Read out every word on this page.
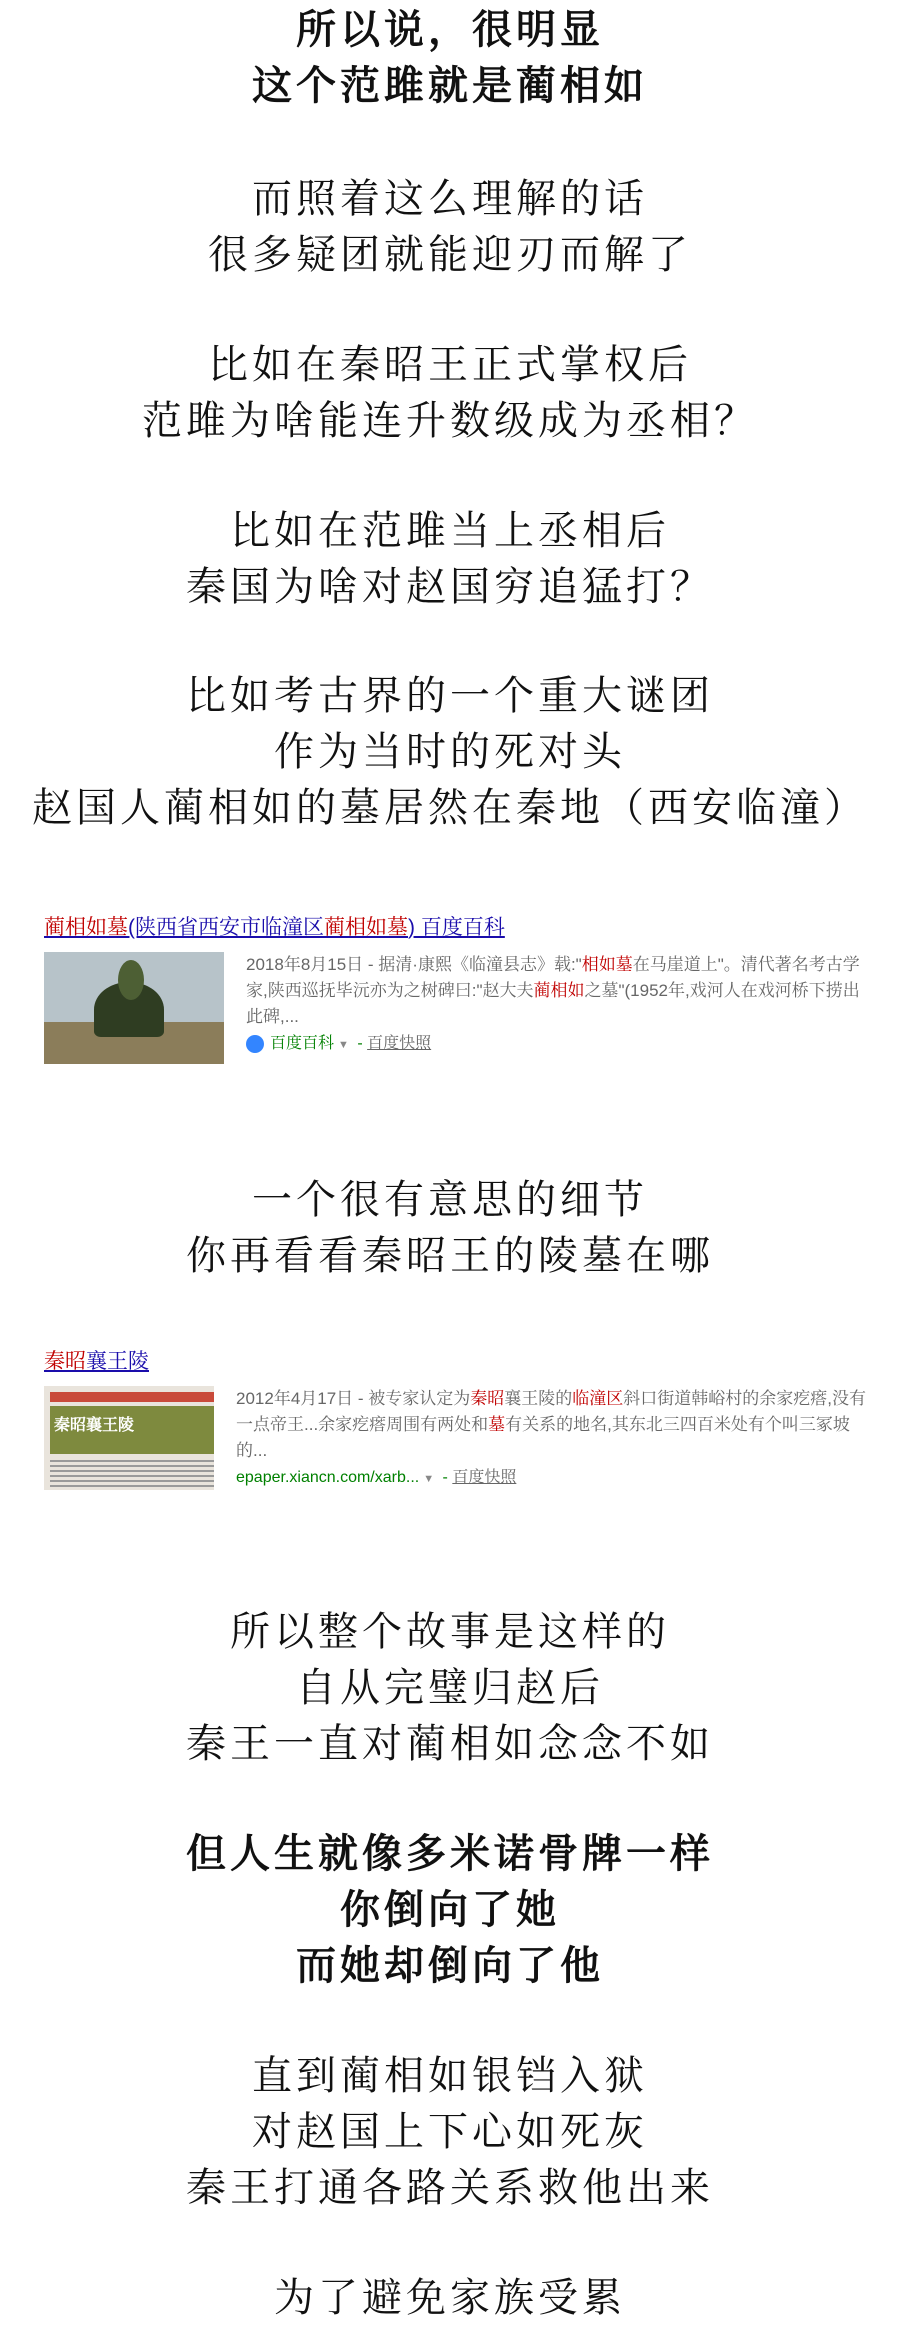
所以说，很明显
这个范雎就是蔺相如
而照着这么理解的话
很多疑团就能迎刃而解了
比如在秦昭王正式掌权后
范雎为啥能连升数级成为丞相？
比如在范雎当上丞相后
秦国为啥对赵国穷追猛打？
比如考古界的一个重大谜团
作为当时的死对头
赵国人蔺相如的墓居然在秦地（西安临潼）
蔺相如墓(陕西省西安市临潼区蔺相如墓) 百度百科
2018年8月15日 - 据清·康熙《临潼县志》载:"相如墓在马崖道上"。清代著名考古学家,陕西巡抚毕沅亦为之树碑曰:"赵大夫蔺相如之墓"(1952年,戏河人在戏河桥下捞出此碑,...
百度百科 ▼ - 百度快照
一个很有意思的细节
你再看看秦昭王的陵墓在哪
秦昭襄王陵
秦昭襄王陵
2012年4月17日 - 被专家认定为秦昭襄王陵的临潼区斜口街道韩峪村的余家疙瘩,没有一点帝王...余家疙瘩周围有两处和墓有关系的地名,其东北三四百米处有个叫三冢坡的...
epaper.xiancn.com/xarb... ▼ - 百度快照
所以整个故事是这样的
自从完璧归赵后
秦王一直对蔺相如念念不如
但人生就像多米诺骨牌一样
你倒向了她
而她却倒向了他
直到蔺相如银铛入狱
对赵国上下心如死灰
秦王打通各路关系救他出来
为了避免家族受累
